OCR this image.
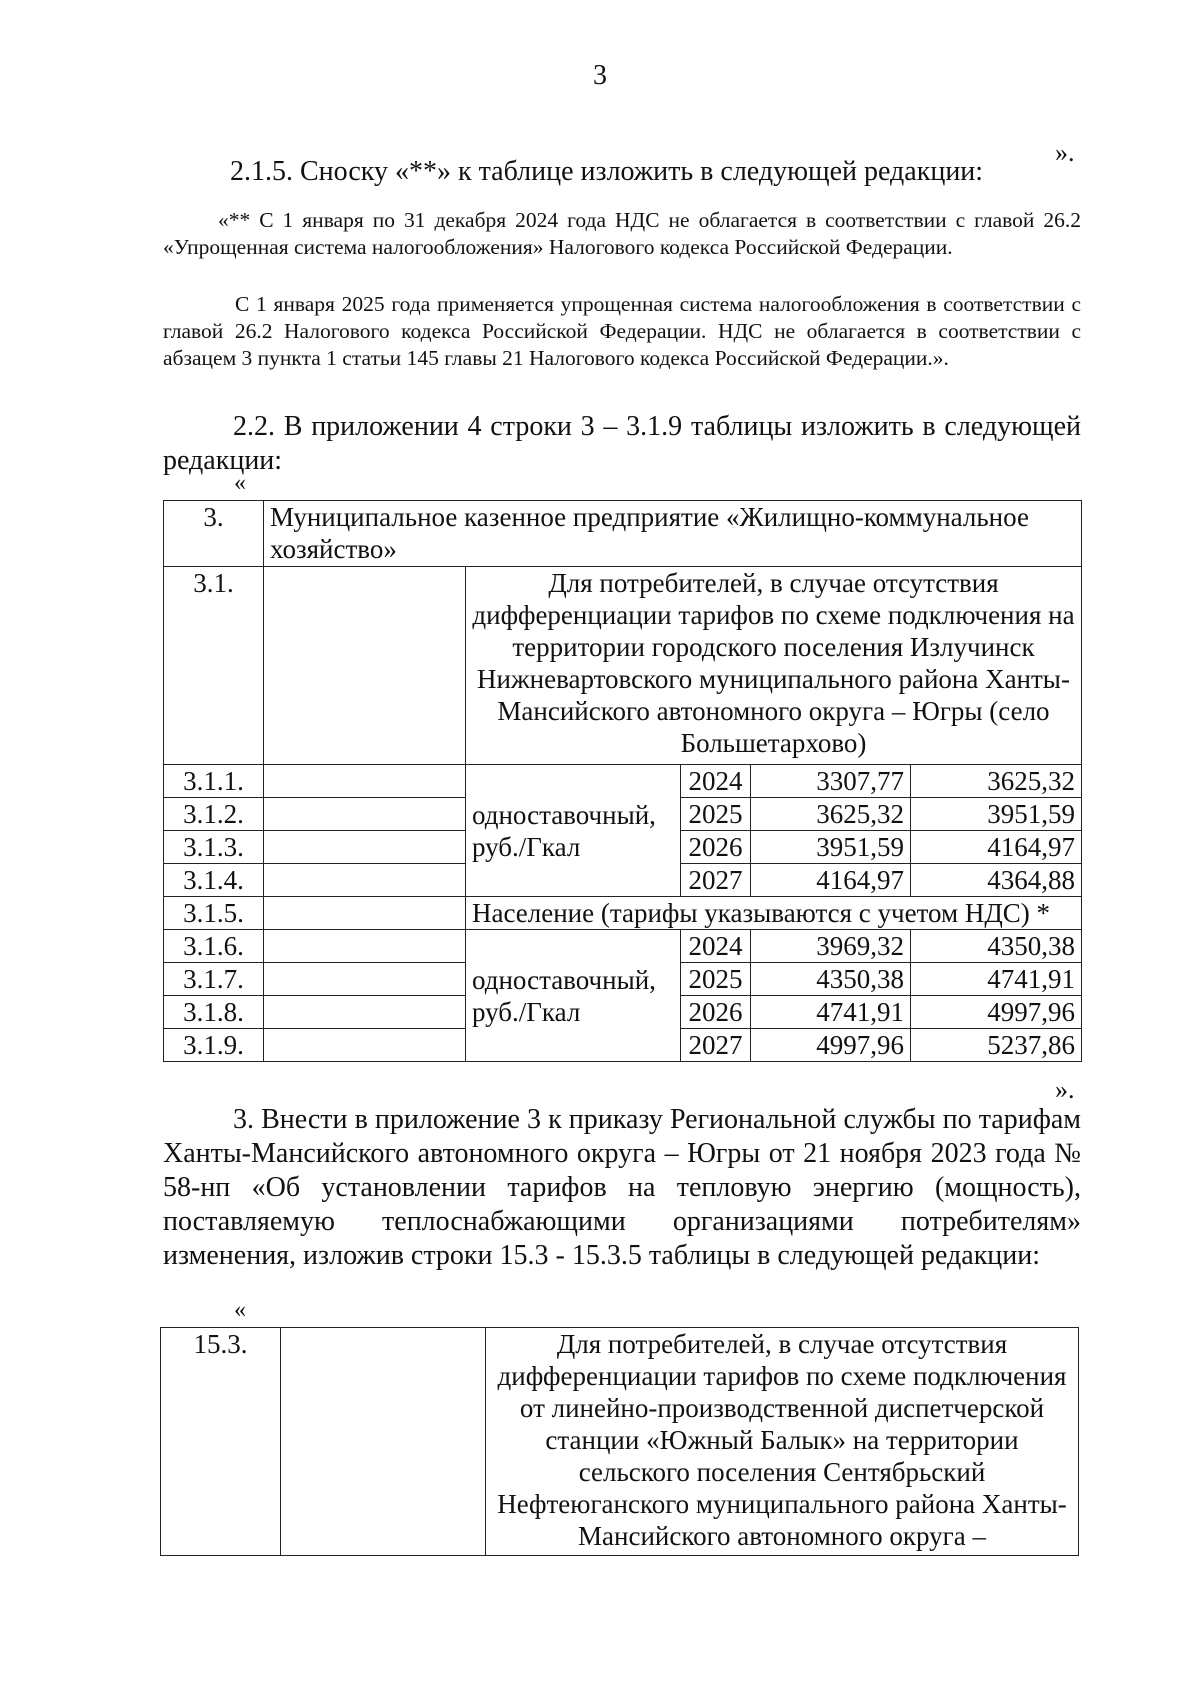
3
».
2.1.5. Сноску «**» к таблице изложить в следующей редакции:
«** С 1 января по 31 декабря 2024 года НДС не облагается в соответствии с главой 26.2 «Упрощенная система налогообложения» Налогового кодекса Российской Федерации.
С 1 января 2025 года применяется упрощенная система налогообложения в соответствии с главой 26.2 Налогового кодекса Российской Федерации. НДС не облагается в соответствии с абзацем 3 пункта 1 статьи 145 главы 21 Налогового кодекса Российской Федерации.».
2.2. В приложении 4 строки 3 – 3.1.9 таблицы изложить в следующей редакции:
«
3.	Муниципальное казенное предприятие «Жилищно-коммунальное хозяйство»				
3.1.		Для потребителей, в случае отсутствия дифференциации тарифов по схеме подключения на территории городского поселения Излучинск Нижневартовского муниципального района Ханты-Мансийского автономного округа – Югры (село Большетархово)			
3.1.1.		одноставочный, руб./Гкал	2024	3307,77	3625,32
3.1.2.			2025	3625,32	3951,59
3.1.3.			2026	3951,59	4164,97
3.1.4.			2027	4164,97	4364,88
3.1.5.		Население (тарифы указываются с учетом НДС) *			
3.1.6.		одноставочный, руб./Гкал	2024	3969,32	4350,38
3.1.7.			2025	4350,38	4741,91
3.1.8.			2026	4741,91	4997,96
3.1.9.			2027	4997,96	5237,86
».
3. Внести в приложение 3 к приказу Региональной службы по тарифам Ханты-Мансийского автономного округа – Югры от 21 ноября 2023 года № 58-нп «Об установлении тарифов на тепловую энергию (мощность), поставляемую теплоснабжающими организациями потребителям» изменения, изложив строки 15.3 - 15.3.5 таблицы в следующей редакции:
«
15.3.		Для потребителей, в случае отсутствия дифференциации тарифов по схеме подключения от линейно-производственной диспетчерской станции «Южный Балык» на территории сельского поселения Сентябрьский Нефтеюганского муниципального района Ханты-Мансийского автономного округа –
